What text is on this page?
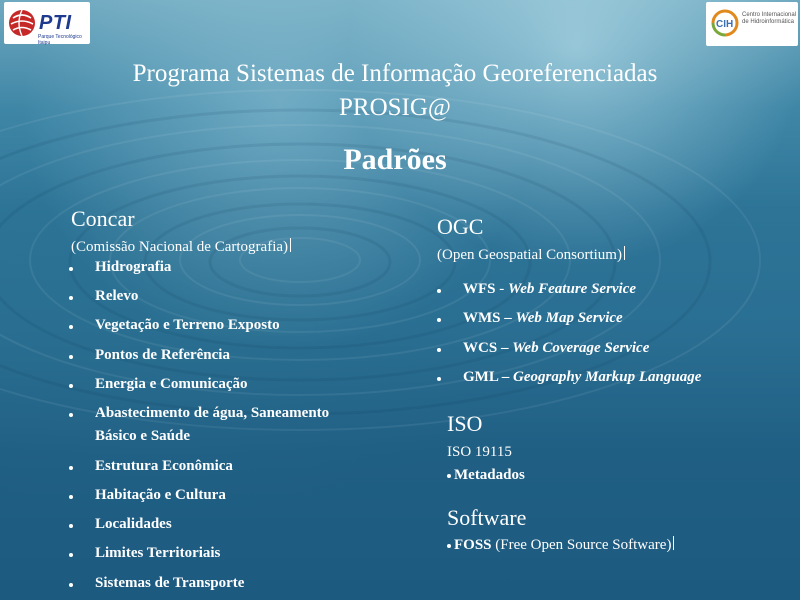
PTI
Parque Tecnológico Itaipu
CIH
Centro Internacional
de Hidroinformática
Programa Sistemas de Informação Georeferenciadas
PROSIG@
Padrões
Concar
(Comissão Nacional de Cartografia)
Hidrografia
Relevo
Vegetação e Terreno Exposto
Pontos de Referência
Energia e Comunicação
Abastecimento de água, Saneamento
Básico e Saúde
Estrutura Econômica
Habitação e Cultura
Localidades
Limites Territoriais
Sistemas de Transporte
OGC
(Open Geospatial Consortium)
WFS - Web Feature Service
WMS – Web Map Service
WCS – Web Coverage Service
GML – Geography Markup Language
ISO
ISO 19115
Metadados
Software
FOSS (Free Open Source Software)
